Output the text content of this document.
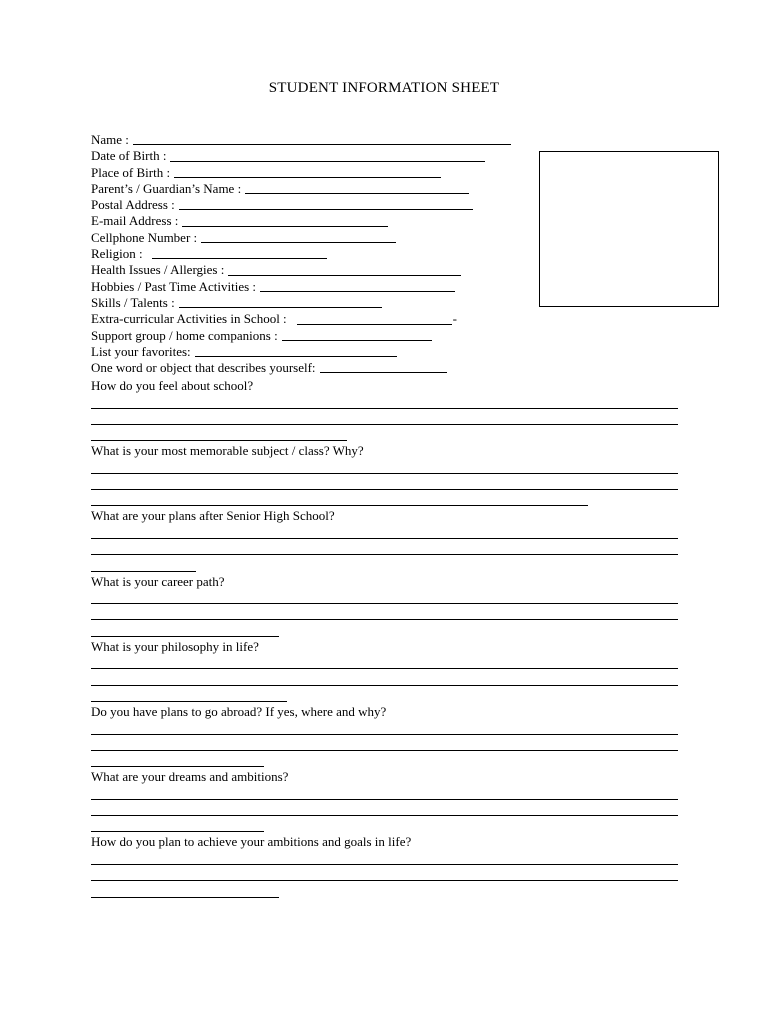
STUDENT INFORMATION SHEET
Name :
Date of Birth :
Place of Birth :
Parent’s / Guardian’s Name :
Postal Address :
E-mail Address :
Cellphone Number :
Religion :
Health Issues / Allergies :
Hobbies / Past Time Activities :
Skills / Talents :
Extra-curricular Activities in School :	-
Support group / home companions :
List your favorites:
One word or object that describes yourself:
How do you feel about school?
What is your most memorable subject / class? Why?
What are your plans after Senior High School?
What is your career path?
What is your philosophy in life?
Do you have plans to go abroad? If yes, where and why?
What are your dreams and ambitions?
How do you plan to achieve your ambitions and goals in life?
